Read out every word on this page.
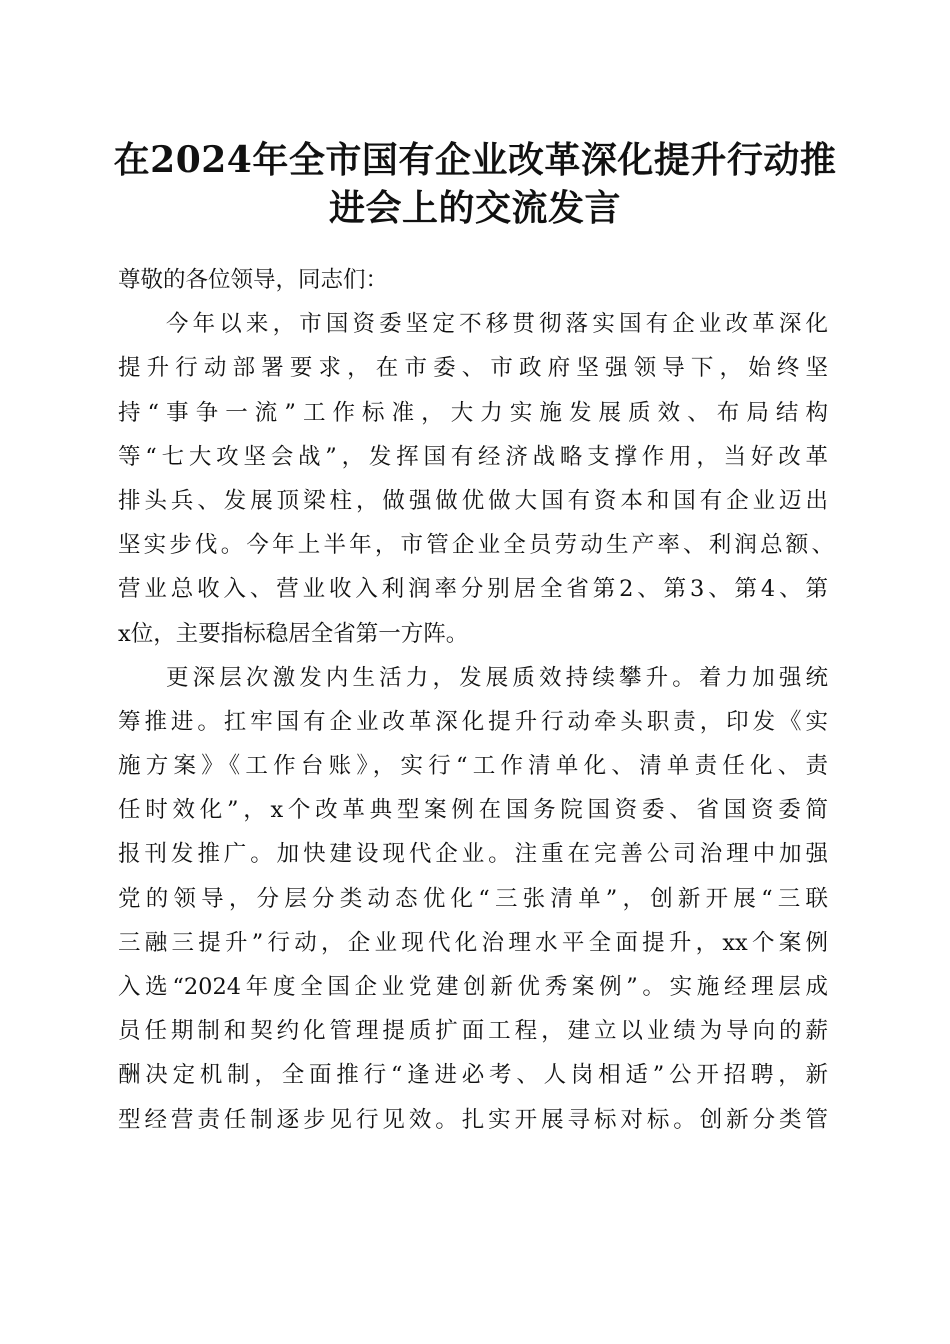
在2024年全市国有企业改革深化提升行动推
进会上的交流发言
尊敬的各位领导，同志们：
今年以来，市国资委坚定不移贯彻落实国有企业改革深化
提升行动部署要求，在市委、市政府坚强领导下，始终坚
持“事争一流”工作标准，大力实施发展质效、布局结构
等“七大攻坚会战”，发挥国有经济战略支撑作用，当好改革
排头兵、发展顶梁柱，做强做优做大国有资本和国有企业迈出
坚实步伐。今年上半年，市管企业全员劳动生产率、利润总额、
营业总收入、营业收入利润率分别居全省第2、第3、第4、第
x位，主要指标稳居全省第一方阵。
更深层次激发内生活力，发展质效持续攀升。着力加强统
筹推进。扛牢国有企业改革深化提升行动牵头职责，印发《实
施方案》《工作台账》，实行“工作清单化、清单责任化、责
任时效化”，x个改革典型案例在国务院国资委、省国资委简
报刊发推广。加快建设现代企业。注重在完善公司治理中加强
党的领导，分层分类动态优化“三张清单”，创新开展“三联
三融三提升”行动，企业现代化治理水平全面提升，xx个案例
入选“2024年度全国企业党建创新优秀案例”。实施经理层成
员任期制和契约化管理提质扩面工程，建立以业绩为导向的薪
酬决定机制，全面推行“逢进必考、人岗相适”公开招聘，新
型经营责任制逐步见行见效。扎实开展寻标对标。创新分类管
